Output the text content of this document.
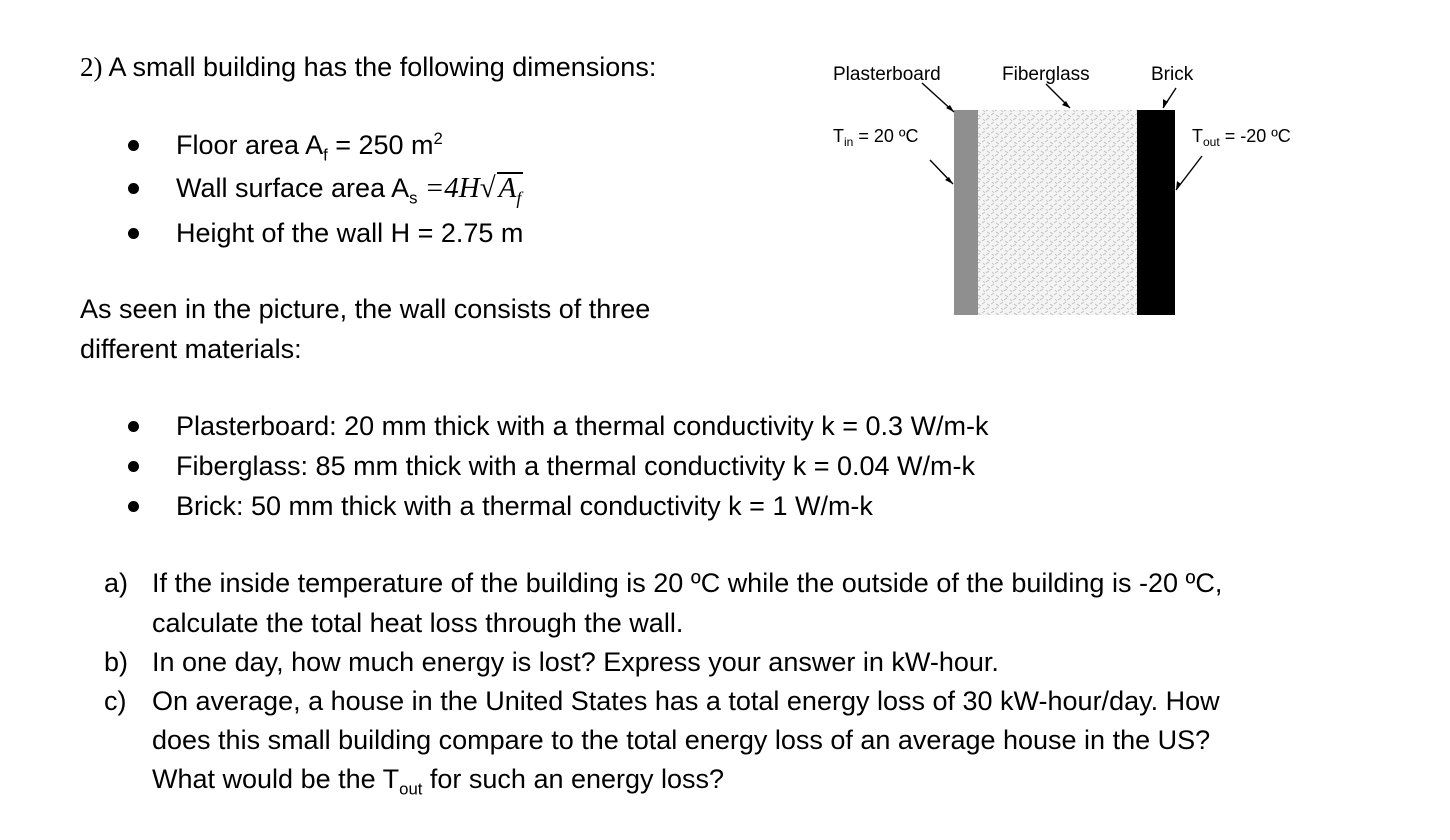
2) A small building has the following dimensions:
Floor area $A_f = 250$ $m^2$
Wall surface area $A_s =4H√$ $A_f$
Height of the wall H = 2.75 m
As seen in the picture, the wall consists of three
different materials:
Plasterboard: 20 mm thick with a thermal conductivity k = 0.3 W/m-k
Fiberglass: 85 mm thick with a thermal conductivity k = 0.04 W/m-k
Brick: 50 mm thick with a thermal conductivity k = 1 W/m-k
a) If the inside temperature of the building is 20 ºC while the outside of the building is -20 ºC,
calculate the total heat loss through the wall.
b) In one day, how much energy is lost? Express your answer in kW-hour.
c) On average, a house in the United States has a total energy loss of 30 kW-hour/day. How
does this small building compare to the total energy loss of an average house in the US?
What would be the $T_{out}$ for such an energy loss?
Plasterboard	Fiberglass	Brick
$T_{in} = 20$ ºC	$T_{out} = -20$ ºC
